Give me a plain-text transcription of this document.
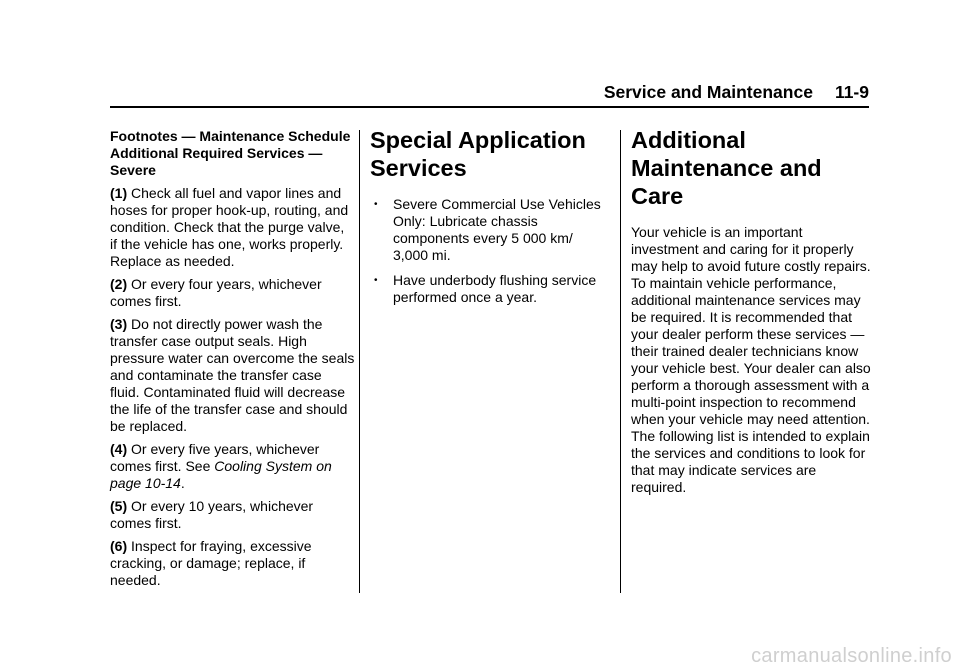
Service and Maintenance 11-9
Footnotes — Maintenance Schedule Additional Required Services — Severe

(1) Check all fuel and vapor lines and hoses for proper hook-up, routing, and condition. Check that the purge valve, if the vehicle has one, works properly. Replace as needed.

(2) Or every four years, whichever comes first.

(3) Do not directly power wash the transfer case output seals. High pressure water can overcome the seals and contaminate the transfer case fluid. Contaminated fluid will decrease the life of the transfer case and should be replaced.

(4) Or every five years, whichever comes first. See Cooling System on page 10-14.

(5) Or every 10 years, whichever comes first.

(6) Inspect for fraying, excessive cracking, or damage; replace, if needed.

Special Application Services
• Severe Commercial Use Vehicles Only: Lubricate chassis components every 5 000 km/ 3,000 mi.
• Have underbody flushing service performed once a year.
Additional Maintenance and Care

Your vehicle is an important investment and caring for it properly may help to avoid future costly repairs. To maintain vehicle performance, additional maintenance services may be required. It is recommended that your dealer perform these services — their trained dealer technicians know your vehicle best. Your dealer can also perform a thorough assessment with a multi-point inspection to recommend when your vehicle may need attention. The following list is intended to explain the services and conditions to look for that may indicate services are required.

carmanualsonline.info
